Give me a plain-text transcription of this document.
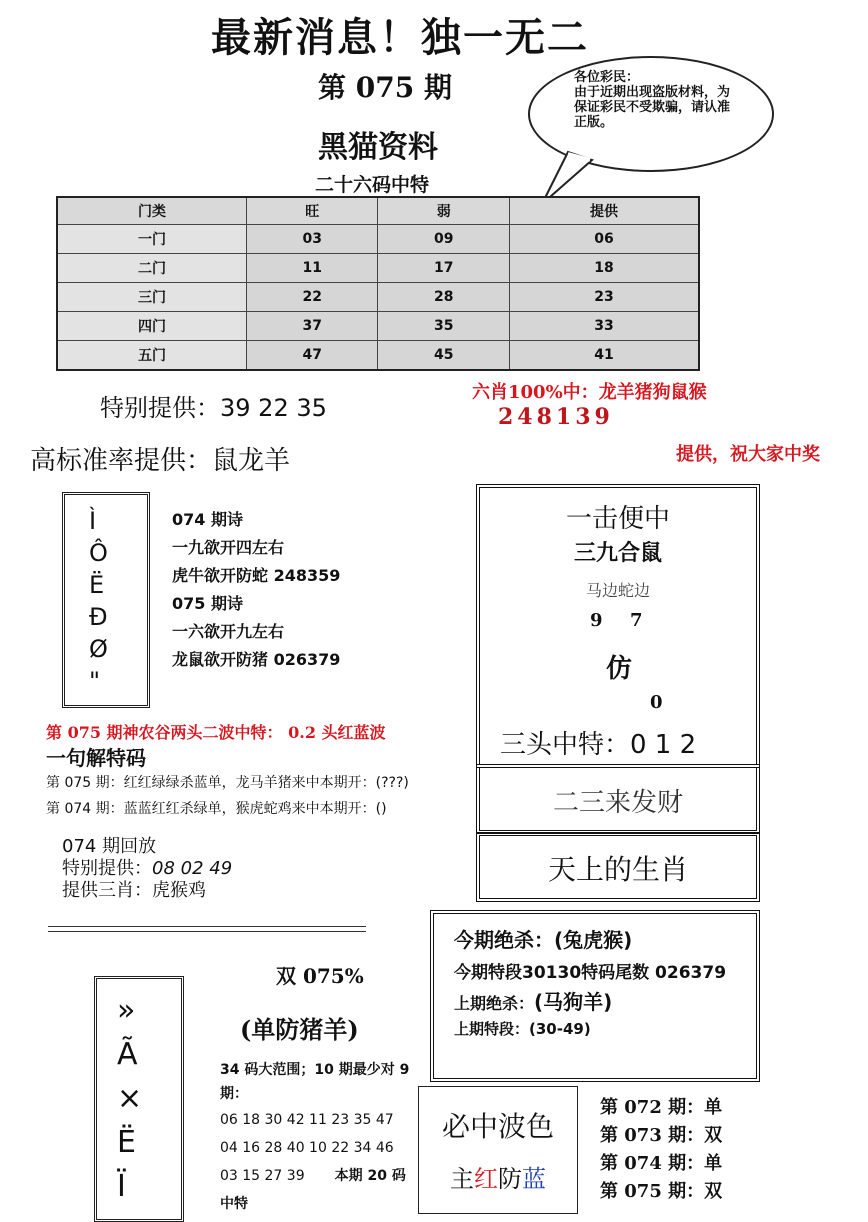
最新消息！独一无二
第 075 期
黑猫资料
二十六码中特
各位彩民：
由于近期出现盗版材料，为保证彩民不受欺骗，请认准正版。
门类	旺	弱	提供
一门	03	09	06
二门	11	17	18
三门	22	28	23
四门	37	35	33
五门	47	45	41
特别提供：39 22 35
六肖100%中：龙羊猪狗鼠猴
248139
高标准率提供：鼠龙羊	提供，祝大家中奖
Ì
Ô
Ë
Ð
Ø
"
074 期诗
一九欲开四左右
虎牛欲开防蛇 248359
075 期诗
一六欲开九左右
龙鼠欲开防猪 026379
一击便中
三九合鼠
马边蛇边
9 7
仿
0
三头中特：0 1 2
二三来发财
天上的生肖
第 075 期神农谷两头二波中特： 0.2 头红蓝波
一句解特码
第 075 期：红红绿绿杀蓝单，龙马羊猪来中本期开：(???)
第 074 期：蓝蓝红红杀绿单，猴虎蛇鸡来中本期开：()
074 期回放
特别提供：08 02 49
提供三肖：虎猴鸡
今期绝杀：(兔虎猴)
今期特段30130特码尾数 026379
上期绝杀：(马狗羊)
上期特段：(30-49)
»
Ã
×
Ë
Ï
双 075%
(单防猪羊)
34 码大范围；10 期最少对 9 期：
06 18 30 42 11 23 35 47
04 16 28 40 10 22 34 46
03 15 27 39 本期 20 码中特
必中波色
主红防蓝
第 072 期：单
第 073 期：双
第 074 期：单
第 075 期：双
